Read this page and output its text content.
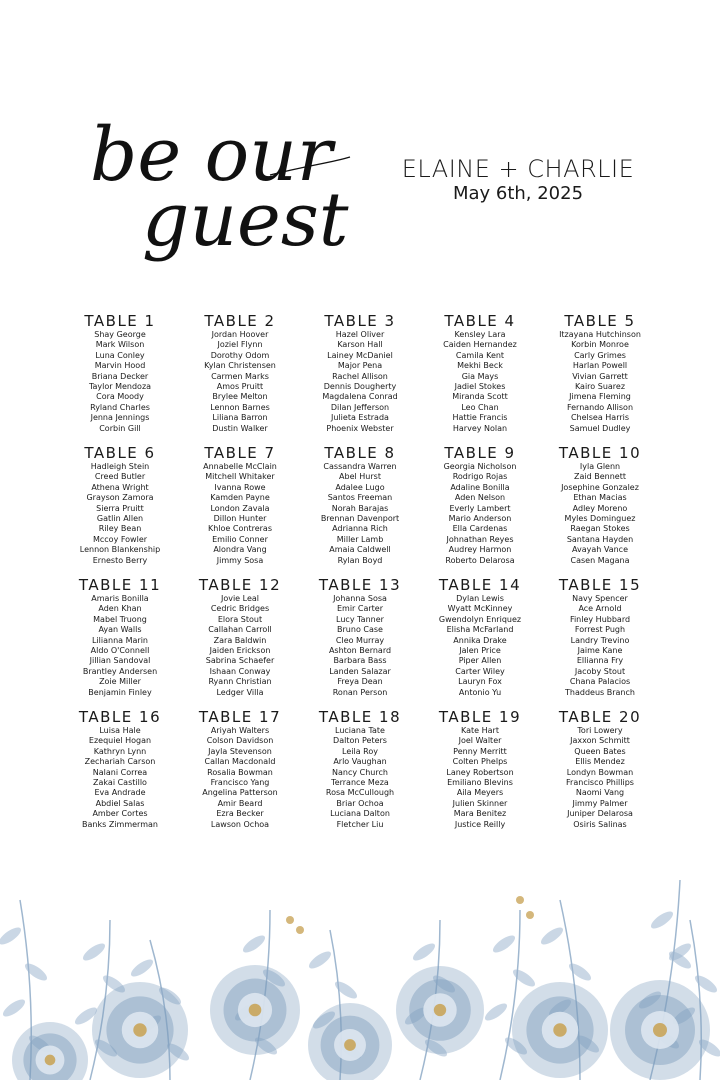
be our
guest
ELAINE + CHARLIE
May 6th, 2025
TABLE 1
Shay George
Mark Wilson
Luna Conley
Marvin Hood
Briana Decker
Taylor Mendoza
Cora Moody
Ryland Charles
Jenna Jennings
Corbin Gill
TABLE 2
Jordan Hoover
Joziel Flynn
Dorothy Odom
Kylan Christensen
Carmen Marks
Amos Pruitt
Brylee Melton
Lennon Barnes
Liliana Barron
Dustin Walker
TABLE 3
Hazel Oliver
Karson Hall
Lainey McDaniel
Major Pena
Rachel Allison
Dennis Dougherty
Magdalena Conrad
Dilan Jefferson
Julieta Estrada
Phoenix Webster
TABLE 4
Kensley Lara
Caiden Hernandez
Camila Kent
Mekhi Beck
Gia Mays
Jadiel Stokes
Miranda Scott
Leo Chan
Hattie Francis
Harvey Nolan
TABLE 5
Itzayana Hutchinson
Korbin Monroe
Carly Grimes
Harlan Powell
Vivian Garrett
Kairo Suarez
Jimena Fleming
Fernando Allison
Chelsea Harris
Samuel Dudley
TABLE 6
Hadleigh Stein
Creed Butler
Athena Wright
Grayson Zamora
Sierra Pruitt
Gatlin Allen
Riley Bean
Mccoy Fowler
Lennon Blankenship
Ernesto Berry
TABLE 7
Annabelle McClain
Mitchell Whitaker
Ivanna Rowe
Kamden Payne
London Zavala
Dillon Hunter
Khloe Contreras
Emilio Conner
Alondra Vang
Jimmy Sosa
TABLE 8
Cassandra Warren
Abel Hurst
Adalee Lugo
Santos Freeman
Norah Barajas
Brennan Davenport
Adrianna Rich
Miller Lamb
Amaia Caldwell
Rylan Boyd
TABLE 9
Georgia Nicholson
Rodrigo Rojas
Adaline Bonilla
Aden Nelson
Everly Lambert
Mario Anderson
Ella Cardenas
Johnathan Reyes
Audrey Harmon
Roberto Delarosa
TABLE 10
Iyla Glenn
Zaid Bennett
Josephine Gonzalez
Ethan Macias
Adley Moreno
Myles Dominguez
Raegan Stokes
Santana Hayden
Avayah Vance
Casen Magana
TABLE 11
Amaris Bonilla
Aden Khan
Mabel Truong
Ayan Walls
Lilianna Marin
Aldo O'Connell
Jillian Sandoval
Brantley Andersen
Zoie Miller
Benjamin Finley
TABLE 12
Jovie Leal
Cedric Bridges
Elora Stout
Callahan Carroll
Zara Baldwin
Jaiden Erickson
Sabrina Schaefer
Ishaan Conway
Ryann Christian
Ledger Villa
TABLE 13
Johanna Sosa
Emir Carter
Lucy Tanner
Bruno Case
Cleo Murray
Ashton Bernard
Barbara Bass
Landen Salazar
Freya Dean
Ronan Person
TABLE 14
Dylan Lewis
Wyatt McKinney
Gwendolyn Enriquez
Elisha McFarland
Annika Drake
Jalen Price
Piper Allen
Carter Wiley
Lauryn Fox
Antonio Yu
TABLE 15
Navy Spencer
Ace Arnold
Finley Hubbard
Forrest Pugh
Landry Trevino
Jaime Kane
Ellianna Fry
Jacoby Stout
Chana Palacios
Thaddeus Branch
TABLE 16
Luisa Hale
Ezequiel Hogan
Kathryn Lynn
Zechariah Carson
Nalani Correa
Zakai Castillo
Eva Andrade
Abdiel Salas
Amber Cortes
Banks Zimmerman
TABLE 17
Ariyah Walters
Colson Davidson
Jayla Stevenson
Callan Macdonald
Rosalia Bowman
Francisco Yang
Angelina Patterson
Amir Beard
Ezra Becker
Lawson Ochoa
TABLE 18
Luciana Tate
Dalton Peters
Leila Roy
Arlo Vaughan
Nancy Church
Terrance Meza
Rosa McCullough
Briar Ochoa
Luciana Dalton
Fletcher Liu
TABLE 19
Kate Hart
Joel Walter
Penny Merritt
Colten Phelps
Laney Robertson
Emiliano Blevins
Aila Meyers
Julien Skinner
Mara Benitez
Justice Reilly
TABLE 20
Tori Lowery
Jaxxon Schmitt
Queen Bates
Ellis Mendez
Londyn Bowman
Francisco Phillips
Naomi Vang
Jimmy Palmer
Juniper Delarosa
Osiris Salinas
